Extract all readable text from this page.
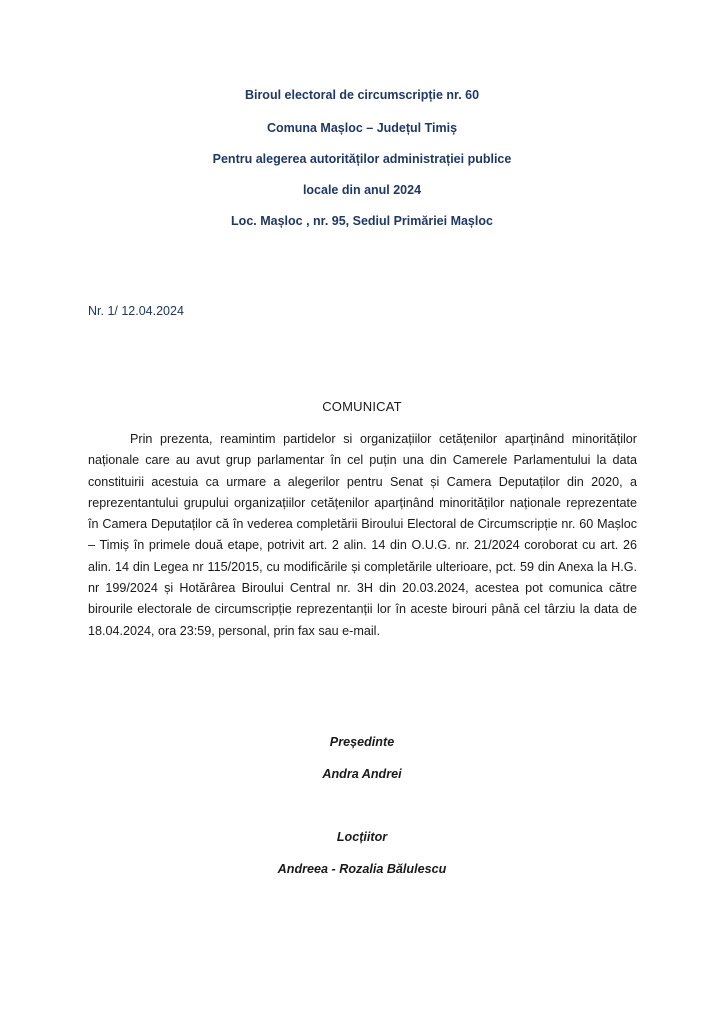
Biroul electoral de circumscripție nr. 60
Comuna Mașloc – Județul Timiș
Pentru alegerea autorităților administrației publice
locale din anul 2024
Loc. Mașloc , nr. 95, Sediul Primăriei Mașloc
Nr. 1/ 12.04.2024
COMUNICAT

Prin prezenta, reamintim partidelor si organizațiilor cetățenilor aparținând minorităților naționale care au avut grup parlamentar în cel puțin una din Camerele Parlamentului la data constituirii acestuia ca urmare a alegerilor pentru Senat și Camera Deputaților din 2020, a reprezentantului grupului organizațiilor cetățenilor aparținând minorităților naționale reprezentate în Camera Deputaților că în vederea completării Biroului Electoral de Circumscripție nr. 60 Mașloc – Timiș în primele două etape, potrivit art. 2 alin. 14 din O.U.G. nr. 21/2024 coroborat cu art. 26 alin. 14 din Legea nr 115/2015, cu modificările și completările ulterioare, pct. 59 din Anexa la H.G. nr 199/2024 și Hotărârea Biroului Central nr. 3H din 20.03.2024, acestea pot comunica către birourile electorale de circumscripție reprezentanții lor în aceste birouri până cel târziu la data de 18.04.2024, ora 23:59, personal, prin fax sau e-mail.

Președinte
Andra Andrei
Locțiitor
Andreea - Rozalia Bălulescu
